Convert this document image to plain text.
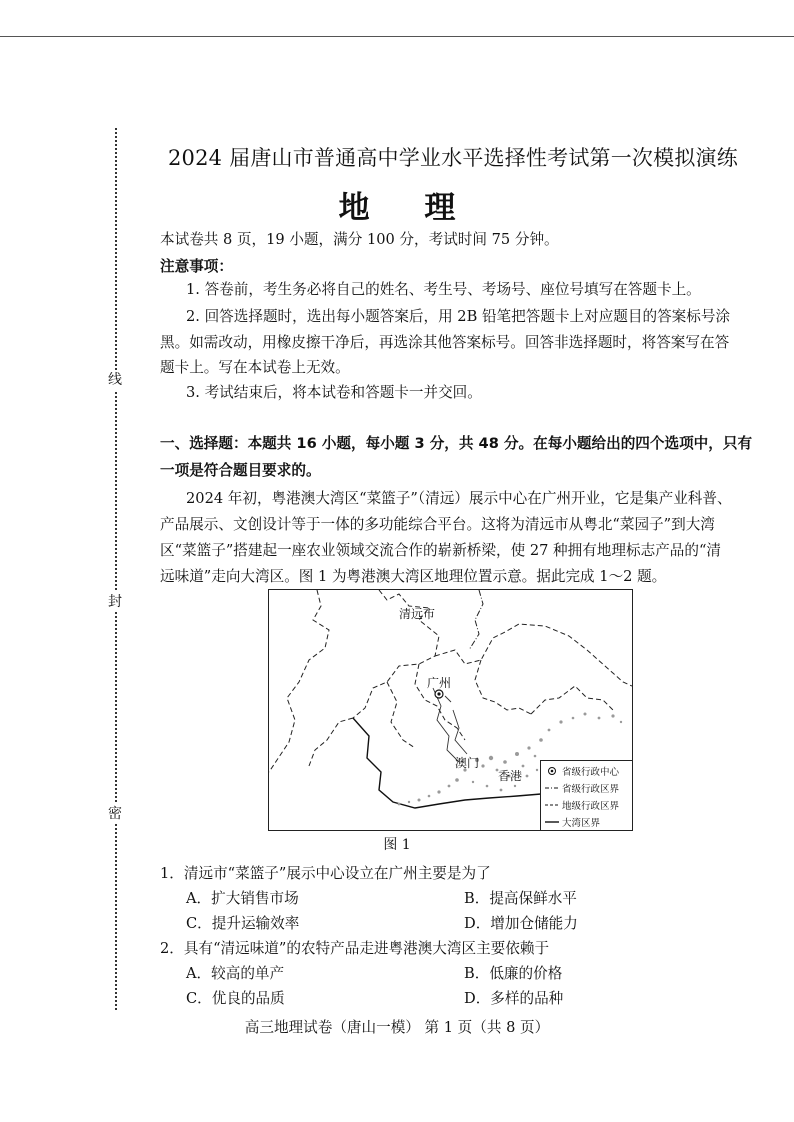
线
封
密
2024 届唐山市普通高中学业水平选择性考试第一次模拟演练
地 理
本试卷共 8 页，19 小题，满分 100 分，考试时间 75 分钟。
注意事项：
1. 答卷前，考生务必将自己的姓名、考生号、考场号、座位号填写在答题卡上。
2. 回答选择题时，选出每小题答案后，用 2B 铅笔把答题卡上对应题目的答案标号涂
黑。如需改动，用橡皮擦干净后，再选涂其他答案标号。回答非选择题时，将答案写在答
题卡上。写在本试卷上无效。
3. 考试结束后，将本试卷和答题卡一并交回。
一、选择题：本题共 16 小题，每小题 3 分，共 48 分。在每小题给出的四个选项中，只有
一项是符合题目要求的。
2024 年初，粤港澳大湾区“菜篮子”（清远）展示中心在广州开业，它是集产业科普、
产品展示、文创设计等于一体的多功能综合平台。这将为清远市从粤北“菜园子”到大湾
区“菜篮子”搭建起一座农业领域交流合作的崭新桥梁，使 27 种拥有地理标志产品的“清
远味道”走向大湾区。图 1 为粤港澳大湾区地理位置示意。据此完成 1～2 题。
清远市
广州
澳门
香港	省级行政中心
省级行政区界
地级行政区界
大湾区界
图 1
1．清远市“菜篮子”展示中心设立在广州主要是为了
A．扩大销售市场	B．提高保鲜水平
C．提升运输效率	D．增加仓储能力
2．具有“清远味道”的农特产品走进粤港澳大湾区主要依赖于
A．较高的单产	B．低廉的价格
C．优良的品质	D．多样的品种
高三地理试卷（唐山一模） 第 1 页（共 8 页）
